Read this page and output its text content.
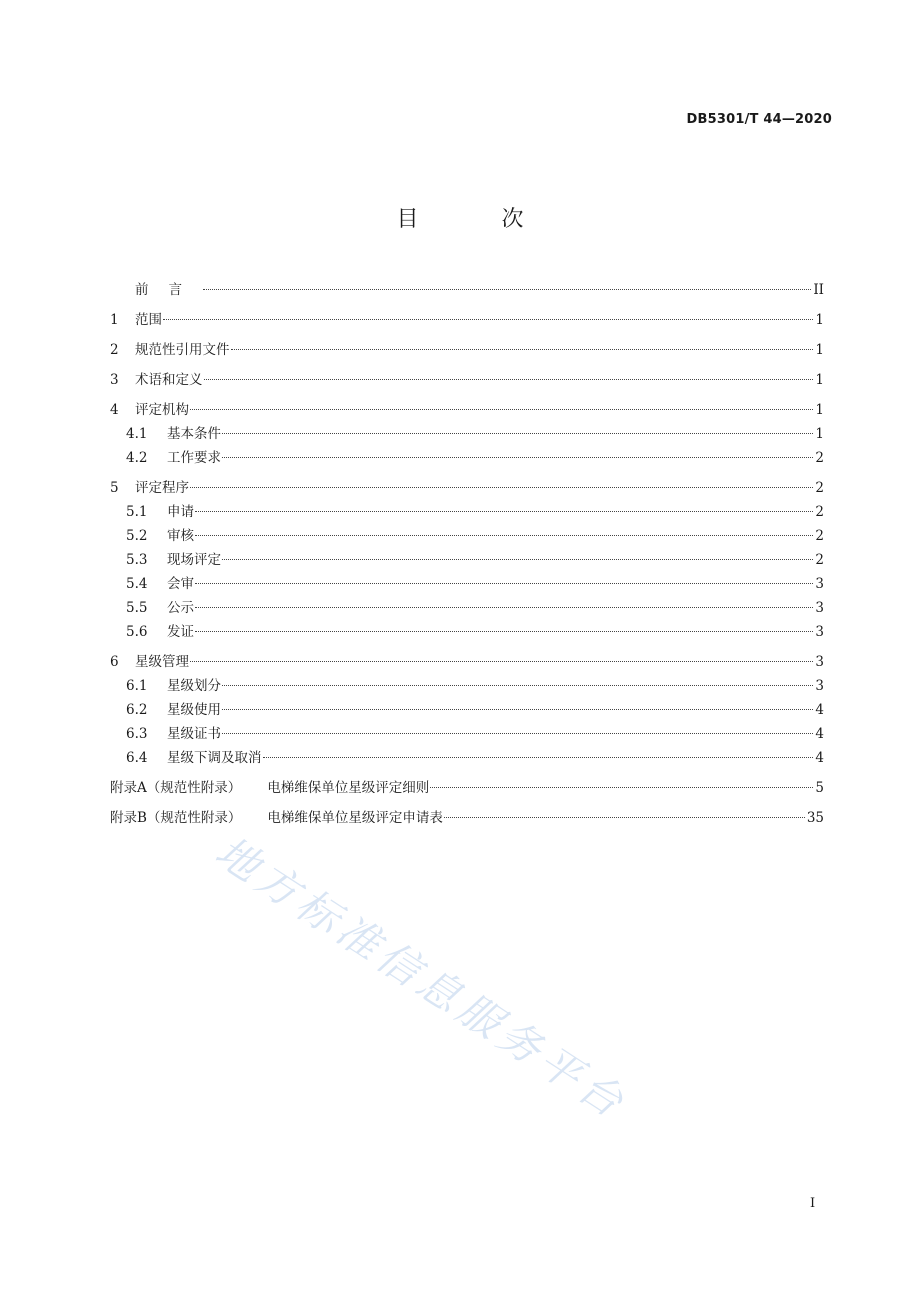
DB5301/T 44—2020
目 次
前言	II
1	范围	1
2	规范性引用文件	1
3	术语和定义	1
4	评定机构	1
4.1	基本条件	1
4.2	工作要求	2
5	评定程序	2
5.1	申请	2
5.2	审核	2
5.3	现场评定	2
5.4	会审	3
5.5	公示	3
5.6	发证	3
6	星级管理	3
6.1	星级划分	3
6.2	星级使用	4
6.3	星级证书	4
6.4	星级下调及取消	4
附录A（规范性附录） 电梯维保单位星级评定细则	5
附录B（规范性附录） 电梯维保单位星级评定申请表	35
I
地方标准信息服务平台
